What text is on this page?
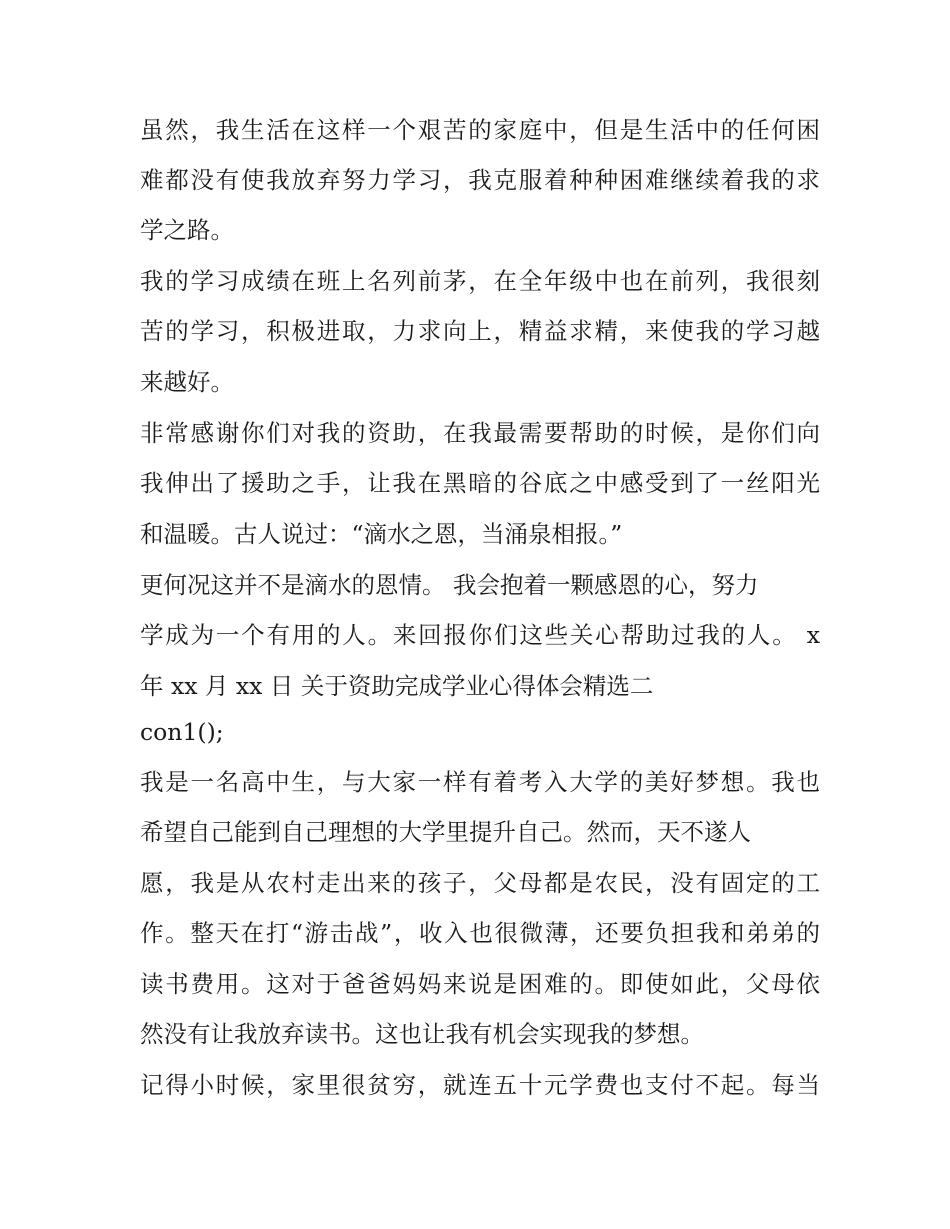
虽然，我生活在这样一个艰苦的家庭中，但是生活中的任何困
难都没有使我放弃努力学习，我克服着种种困难继续着我的求
学之路。
我的学习成绩在班上名列前茅，在全年级中也在前列，我很刻
苦的学习，积极进取，力求向上，精益求精，来使我的学习越
来越好。
非常感谢你们对我的资助，在我最需要帮助的时候，是你们向
我伸出了援助之手，让我在黑暗的谷底之中感受到了一丝阳光
和温暖。古人说过：“滴水之恩，当涌泉相报。”
更何况这并不是滴水的恩情。 我会抱着一颗感恩的心，努力
学成为一个有用的人。来回报你们这些关心帮助过我的人。 x
年 xx 月 xx 日 关于资助完成学业心得体会精选二
con1();
我是一名高中生，与大家一样有着考入大学的美好梦想。我也
希望自己能到自己理想的大学里提升自己。然而，天不遂人
愿，我是从农村走出来的孩子，父母都是农民，没有固定的工
作。整天在打“游击战”，收入也很微薄，还要负担我和弟弟的
读书费用。这对于爸爸妈妈来说是困难的。即使如此，父母依
然没有让我放弃读书。这也让我有机会实现我的梦想。
记得小时候，家里很贫穷，就连五十元学费也支付不起。每当
